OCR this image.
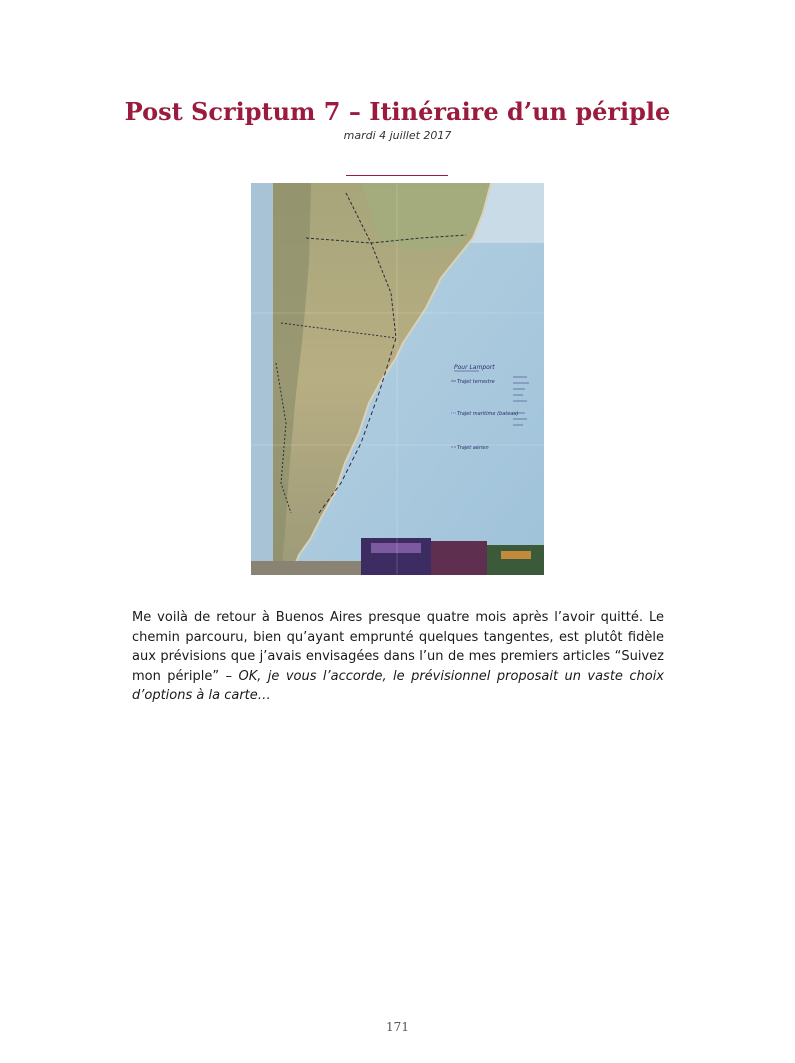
Post Scriptum 7 – Itinéraire d’un périple
mardi 4 juillet 2017
Pour Lamport
Trajet terrestre
Trajet maritime (bateau)
Trajet aérien

Me voilà de retour à Buenos Aires presque quatre mois après l’avoir quitté. Le chemin parcouru, bien qu’ayant emprunté quelques tangentes, est plutôt fidèle aux prévisions que j’avais envisagées dans l’un de mes premiers articles “Suivez mon périple” – OK, je vous l’accorde, le prévisionnel proposait un vaste choix d’options à la carte…

171
